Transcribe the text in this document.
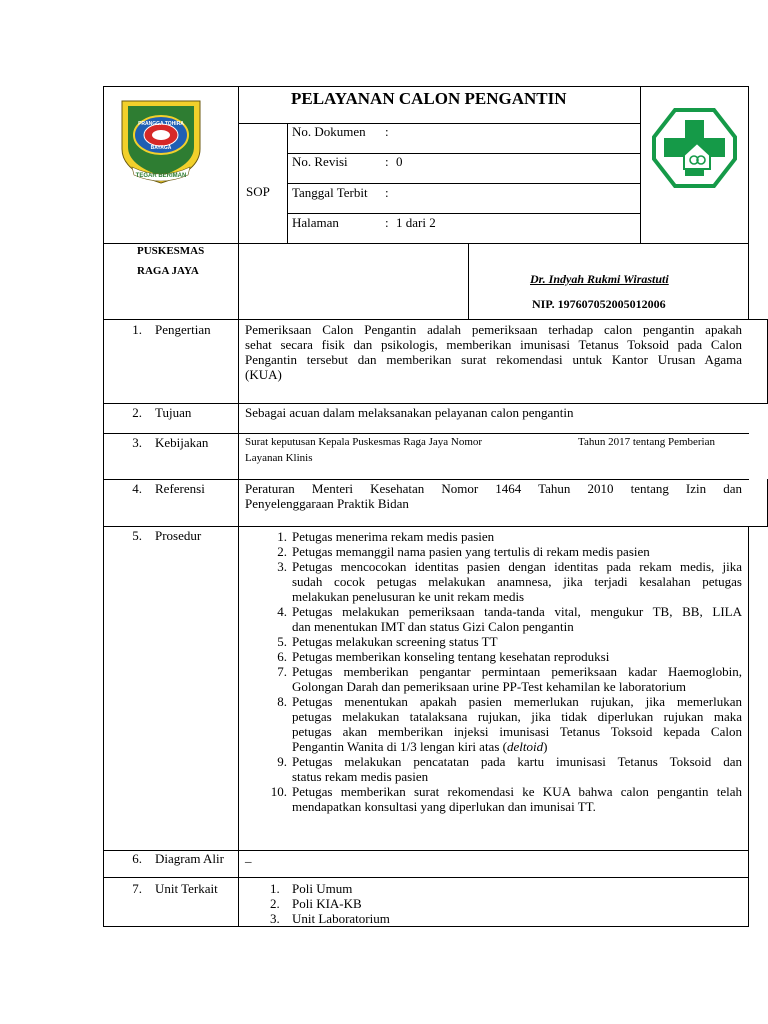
TEGAR BERIMAN
PRANGGA TOHIRA
BAYAGA
PELAYANAN CALON PENGANTIN
SOP
No. Dokumen :
No. Revisi	: 0
Tanggal Terbit :
Halaman	: 1 dari 2
PUSKESMAS
RAGA JAYA
Dr. Indyah Rukmi Wirastuti
NIP. 197607052005012006
1. Pengertian	Pemeriksaan Calon Pengantin adalah pemeriksaan terhadap calon pengantin apakah
sehat secara fisik dan psikologis, memberikan imunisasi Tetanus Toksoid pada Calon
Pengantin tersebut dan memberikan surat rekomendasi untuk Kantor Urusan Agama
(KUA)
2. Tujuan	Sebagai acuan dalam melaksanakan pelayanan calon pengantin
3. Kebijakan	Surat keputusan Kepala Puskesmas Raga Jaya Nomor	Tahun 2017 tentang Pemberian
Layanan Klinis
4. Referensi	Peraturan Menteri Kesehatan Nomor 1464 Tahun 2010 tentang Izin dan
Penyelenggaraan Praktik Bidan
5. Prosedur	1. Petugas menerima rekam medis pasien
2. Petugas memanggil nama pasien yang tertulis di rekam medis pasien
3. Petugas mencocokan identitas pasien dengan identitas pada rekam medis, jika
sudah cocok petugas melakukan anamnesa, jika terjadi kesalahan petugas
melakukan penelusuran ke unit rekam medis
4. Petugas melakukan pemeriksaan tanda-tanda vital, mengukur TB, BB, LILA
dan menentukan IMT dan status Gizi Calon pengantin
5. Petugas melakukan screening status TT
6. Petugas memberikan konseling tentang kesehatan reproduksi
7. Petugas memberikan pengantar permintaan pemeriksaan kadar Haemoglobin,
Golongan Darah dan pemeriksaan urine PP-Test kehamilan ke laboratorium
8. Petugas menentukan apakah pasien memerlukan rujukan, jika memerlukan
petugas melakukan tatalaksana rujukan, jika tidak diperlukan rujukan maka
petugas akan memberikan injeksi imunisasi Tetanus Toksoid kepada Calon
Pengantin Wanita di 1/3 lengan kiri atas (deltoid)
9. Petugas melakukan pencatatan pada kartu imunisasi Tetanus Toksoid dan
status rekam medis pasien
10. Petugas memberikan surat rekomendasi ke KUA bahwa calon pengantin telah
mendapatkan konsultasi yang diperlukan dan imunisai TT.
6. Diagram Alir _
7. Unit Terkait	1. Poli Umum
2. Poli KIA-KB
3. Unit Laboratorium
